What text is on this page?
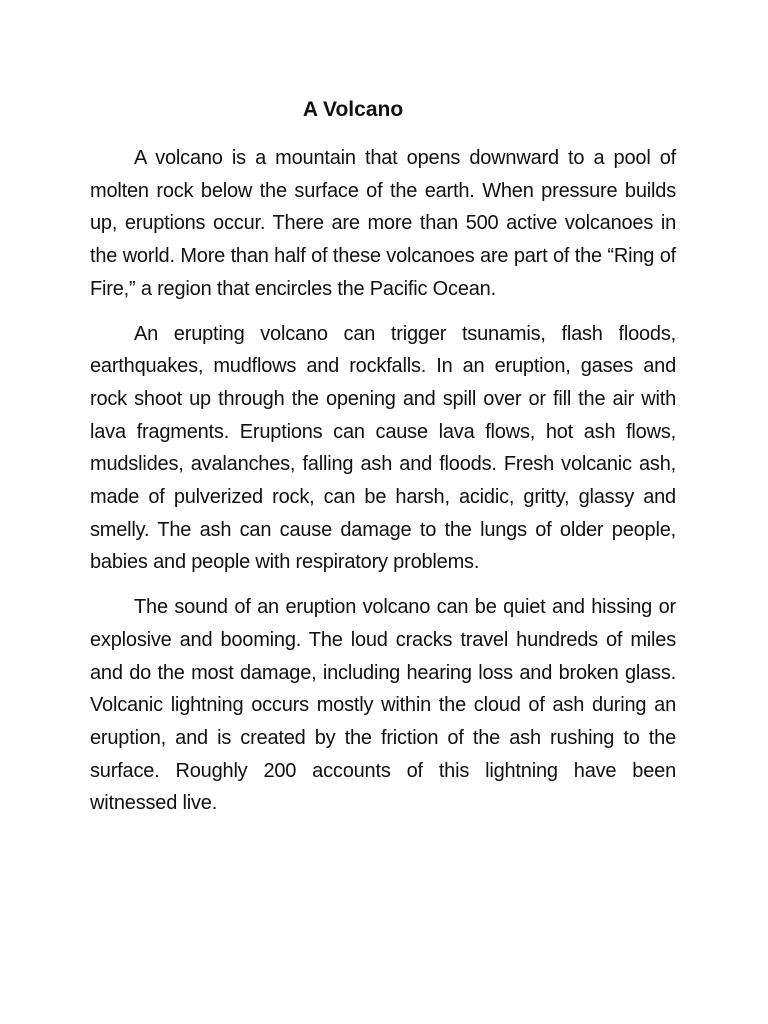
A Volcano

A volcano is a mountain that opens downward to a pool of molten rock below the surface of the earth. When pressure builds up, eruptions occur. There are more than 500 active volcanoes in the world. More than half of these volcanoes are part of the “Ring of Fire,” a region that encircles the Pacific Ocean.

An erupting volcano can trigger tsunamis, flash floods, earthquakes, mudflows and rockfalls. In an eruption, gases and rock shoot up through the opening and spill over or fill the air with lava fragments. Eruptions can cause lava flows, hot ash flows, mudslides, avalanches, falling ash and floods. Fresh volcanic ash, made of pulverized rock, can be harsh, acidic, gritty, glassy and smelly. The ash can cause damage to the lungs of older people, babies and people with respiratory problems.

The sound of an eruption volcano can be quiet and hissing or explosive and booming. The loud cracks travel hundreds of miles and do the most damage, including hearing loss and broken glass. Volcanic lightning occurs mostly within the cloud of ash during an eruption, and is created by the friction of the ash rushing to the surface. Roughly 200 accounts of this lightning have been witnessed live.
